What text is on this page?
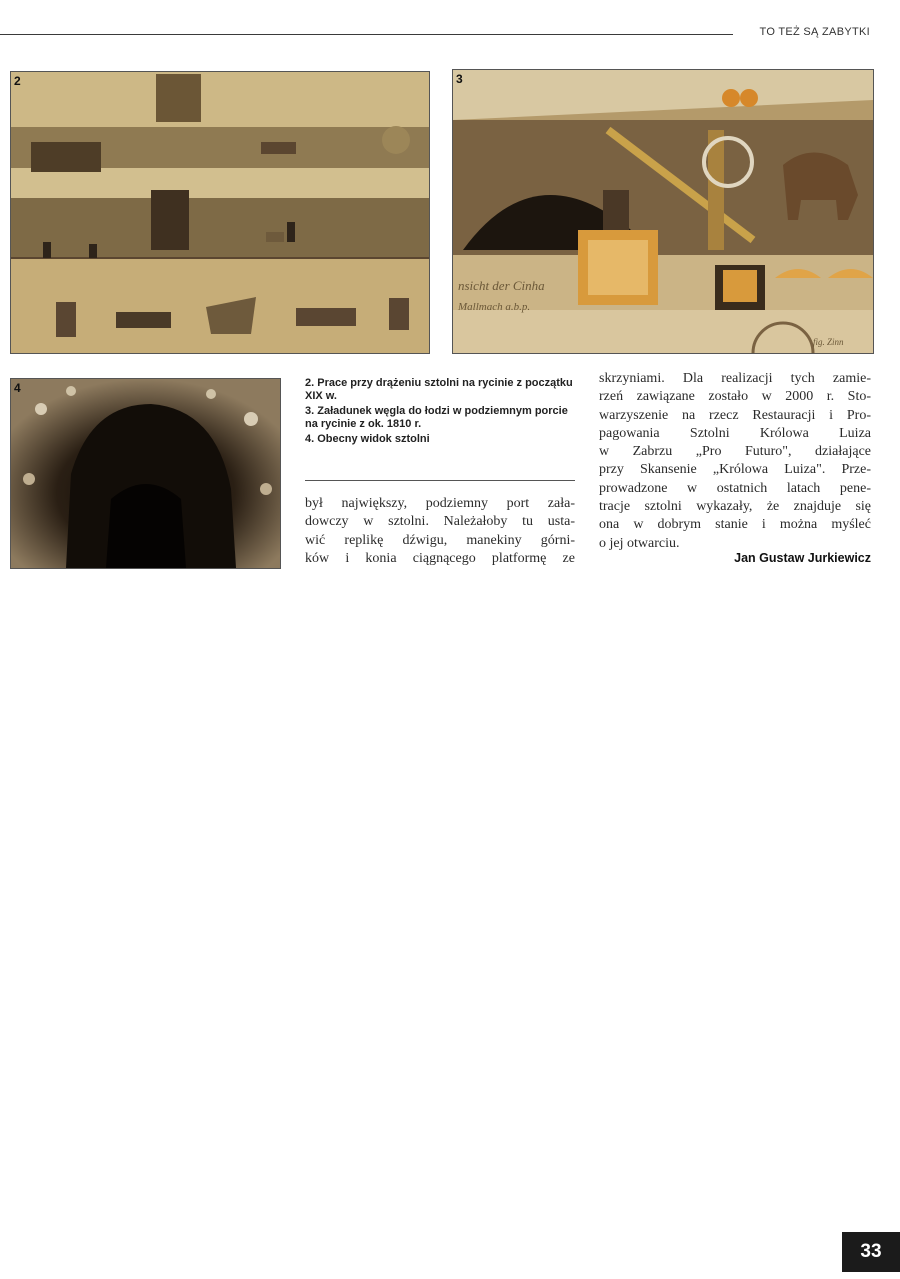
TO TEŻ SĄ ZABYTKI
2
nsicht der Cinha
Mallmach a.b.p.
fig. Zinn
3
4	2. Prace przy drążeniu sztolni na rycinie z początku XIX w.
3. Załadunek węgla do łodzi w podziemnym porcie na rycinie z ok. 1810 r.
4. Obecny widok sztolni
był największy, podziemny port zała-
dowczy w sztolni. Należałoby tu usta-
wić replikę dźwigu, manekiny górni-
ków i konia ciągnącego platformę ze
skrzyniami. Dla realizacji tych zamie-
rzeń zawiązane zostało w 2000 r. Sto-
warzyszenie na rzecz Restauracji i Pro-
pagowania Sztolni Królowa Luiza
w Zabrzu „Pro Futuro", działające
przy Skansenie „Królowa Luiza". Prze-
prowadzone w ostatnich latach pene-
tracje sztolni wykazały, że znajduje się
ona w dobrym stanie i można myśleć
o jej otwarciu.
Jan Gustaw Jurkiewicz
33
